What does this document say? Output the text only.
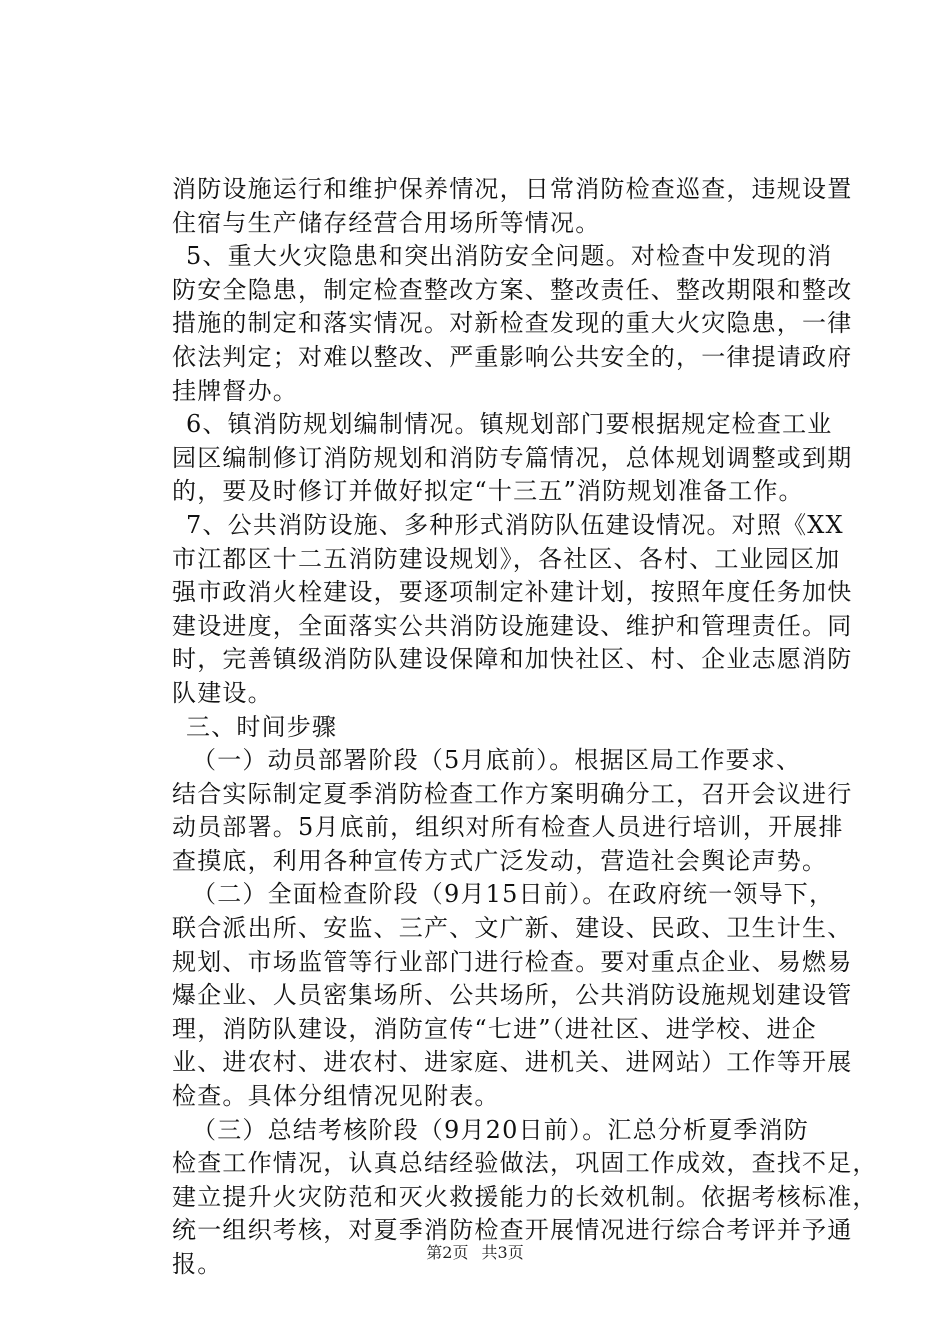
消防设施运行和维护保养情况，日常消防检查巡查，违规设置
住宿与生产储存经营合用场所等情况。
5、重大火灾隐患和突出消防安全问题。对检查中发现的消
防安全隐患，制定检查整改方案、整改责任、整改期限和整改
措施的制定和落实情况。对新检查发现的重大火灾隐患，一律
依法判定；对难以整改、严重影响公共安全的，一律提请政府
挂牌督办。
6、镇消防规划编制情况。镇规划部门要根据规定检查工业
园区编制修订消防规划和消防专篇情况，总体规划调整或到期
的，要及时修订并做好拟定“十三五”消防规划准备工作。
7、公共消防设施、多种形式消防队伍建设情况。对照《XX
市江都区十二五消防建设规划》，各社区、各村、工业园区加
强市政消火栓建设，要逐项制定补建计划，按照年度任务加快
建设进度，全面落实公共消防设施建设、维护和管理责任。同
时，完善镇级消防队建设保障和加快社区、村、企业志愿消防
队建设。
三、时间步骤
（一）动员部署阶段（5月底前）。根据区局工作要求、
结合实际制定夏季消防检查工作方案明确分工，召开会议进行
动员部署。5月底前，组织对所有检查人员进行培训，开展排
查摸底，利用各种宣传方式广泛发动，营造社会舆论声势。
（二）全面检查阶段（9月15日前）。在政府统一领导下，
联合派出所、安监、三产、文广新、建设、民政、卫生计生、
规划、市场监管等行业部门进行检查。要对重点企业、易燃易
爆企业、人员密集场所、公共场所，公共消防设施规划建设管
理，消防队建设，消防宣传“七进”（进社区、进学校、进企
业、进农村、进农村、进家庭、进机关、进网站）工作等开展
检查。具体分组情况见附表。
（三）总结考核阶段（9月20日前）。汇总分析夏季消防
检查工作情况，认真总结经验做法，巩固工作成效，查找不足，
建立提升火灾防范和灭火救援能力的长效机制。依据考核标准，
统一组织考核，对夏季消防检查开展情况进行综合考评并予通
报。	第2页 共3页
